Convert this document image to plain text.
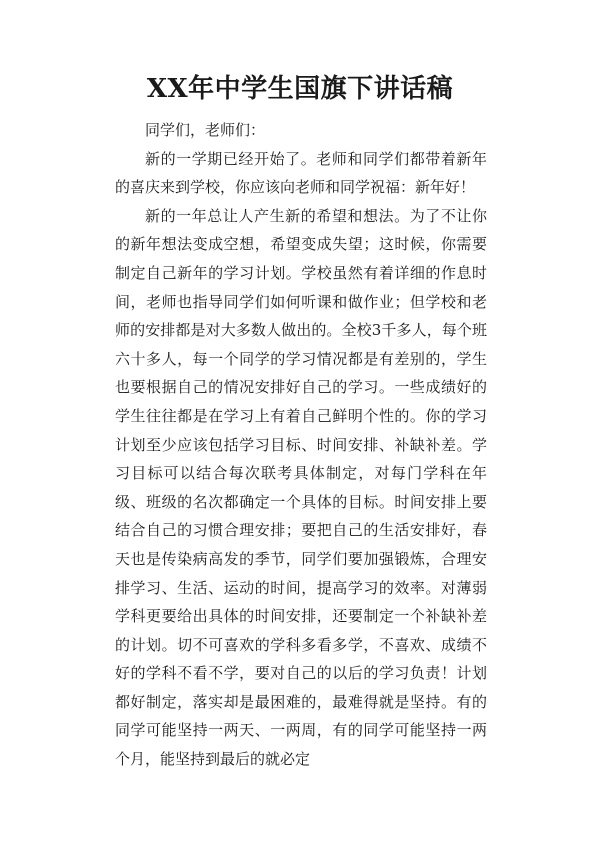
XX年中学生国旗下讲话稿

同学们，老师们：

新的一学期已经开始了。老师和同学们都带着新年的喜庆来到学校，你应该向老师和同学祝福：新年好！

新的一年总让人产生新的希望和想法。为了不让你的新年想法变成空想，希望变成失望；这时候，你需要制定自己新年的学习计划。学校虽然有着详细的作息时间，老师也指导同学们如何听课和做作业；但学校和老师的安排都是对大多数人做出的。全校3千多人，每个班六十多人，每一个同学的学习情况都是有差别的，学生也要根据自己的情况安排好自己的学习。一些成绩好的学生往往都是在学习上有着自己鲜明个性的。你的学习计划至少应该包括学习目标、时间安排、补缺补差。学习目标可以结合每次联考具体制定，对每门学科在年级、班级的名次都确定一个具体的目标。时间安排上要结合自己的习惯合理安排；要把自己的生活安排好，春天也是传染病高发的季节，同学们要加强锻炼，合理安排学习、生活、运动的时间，提高学习的效率。对薄弱学科更要给出具体的时间安排，还要制定一个补缺补差的计划。切不可喜欢的学科多看多学，不喜欢、成绩不好的学科不看不学，要对自己的以后的学习负责！计划都好制定，落实却是最困难的，最难得就是坚持。有的同学可能坚持一两天、一两周，有的同学可能坚持一两个月，能坚持到最后的就必定
